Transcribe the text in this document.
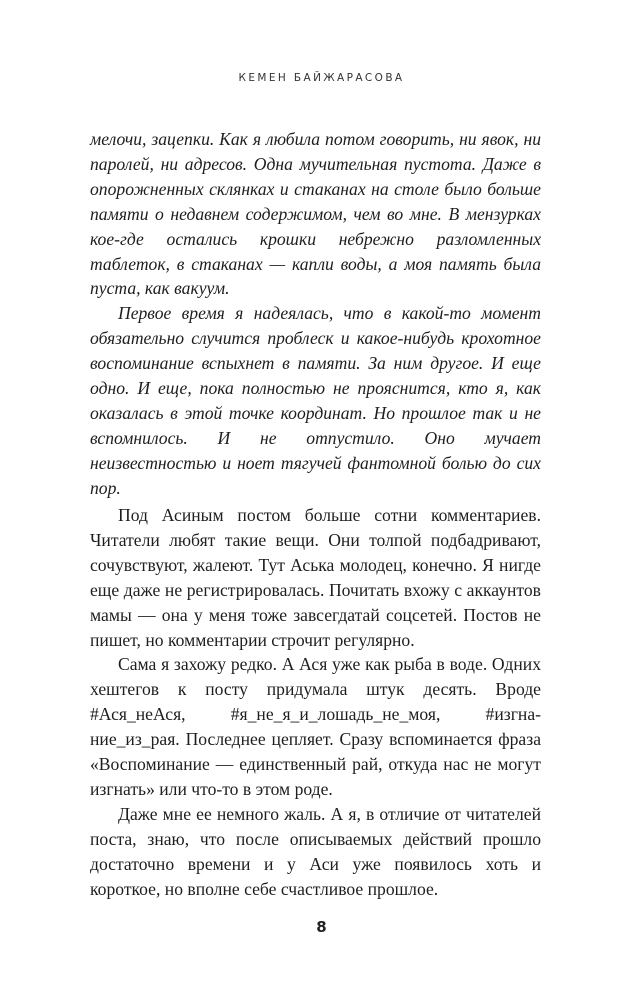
КЕМЕН БАЙЖАРАСОВА

мелочи, зацепки. Как я любила потом говорить, ни явок, ни паролей, ни адресов. Одна мучительная пустота. Даже в опорожненных склянках и стаканах на столе было больше памяти о недавнем содержимом, чем во мне. В мензурках кое-где остались крошки небрежно разломленных таблеток, в стаканах — капли воды, а моя память была пуста, как вакуум.

Первое время я надеялась, что в какой-то момент обязательно случится проблеск и какое-нибудь крохотное воспоминание вспыхнет в памяти. За ним другое. И еще одно. И еще, пока полностью не прояснится, кто я, как оказалась в этой точке координат. Но прошлое так и не вспомнилось. И не отпустило. Оно мучает неизвестностью и ноет тягучей фантомной болью до сих пор.

Под Асиным постом больше сотни комментариев. Читатели любят такие вещи. Они толпой подбадривают, сочувствуют, жалеют. Тут Аська молодец, конечно. Я нигде еще даже не регистрировалась. Почитать вхожу с аккаунтов мамы — она у меня тоже завсегдатай соцсетей. Постов не пишет, но комментарии строчит регулярно.

Сама я захожу редко. А Ася уже как рыба в воде. Одних хештегов к посту придумала штук десять. Вроде #Ася_неАся, #я_не_я_и_лошадь_не_моя, #изгнание_из_рая. Последнее цепляет. Сразу вспоминается фраза «Воспоминание — единственный рай, откуда нас не могут изгнать» или что-то в этом роде.

Даже мне ее немного жаль. А я, в отличие от читателей поста, знаю, что после описываемых действий прошло достаточно времени и у Аси уже появилось хоть и короткое, но вполне себе счастливое прошлое.

8
